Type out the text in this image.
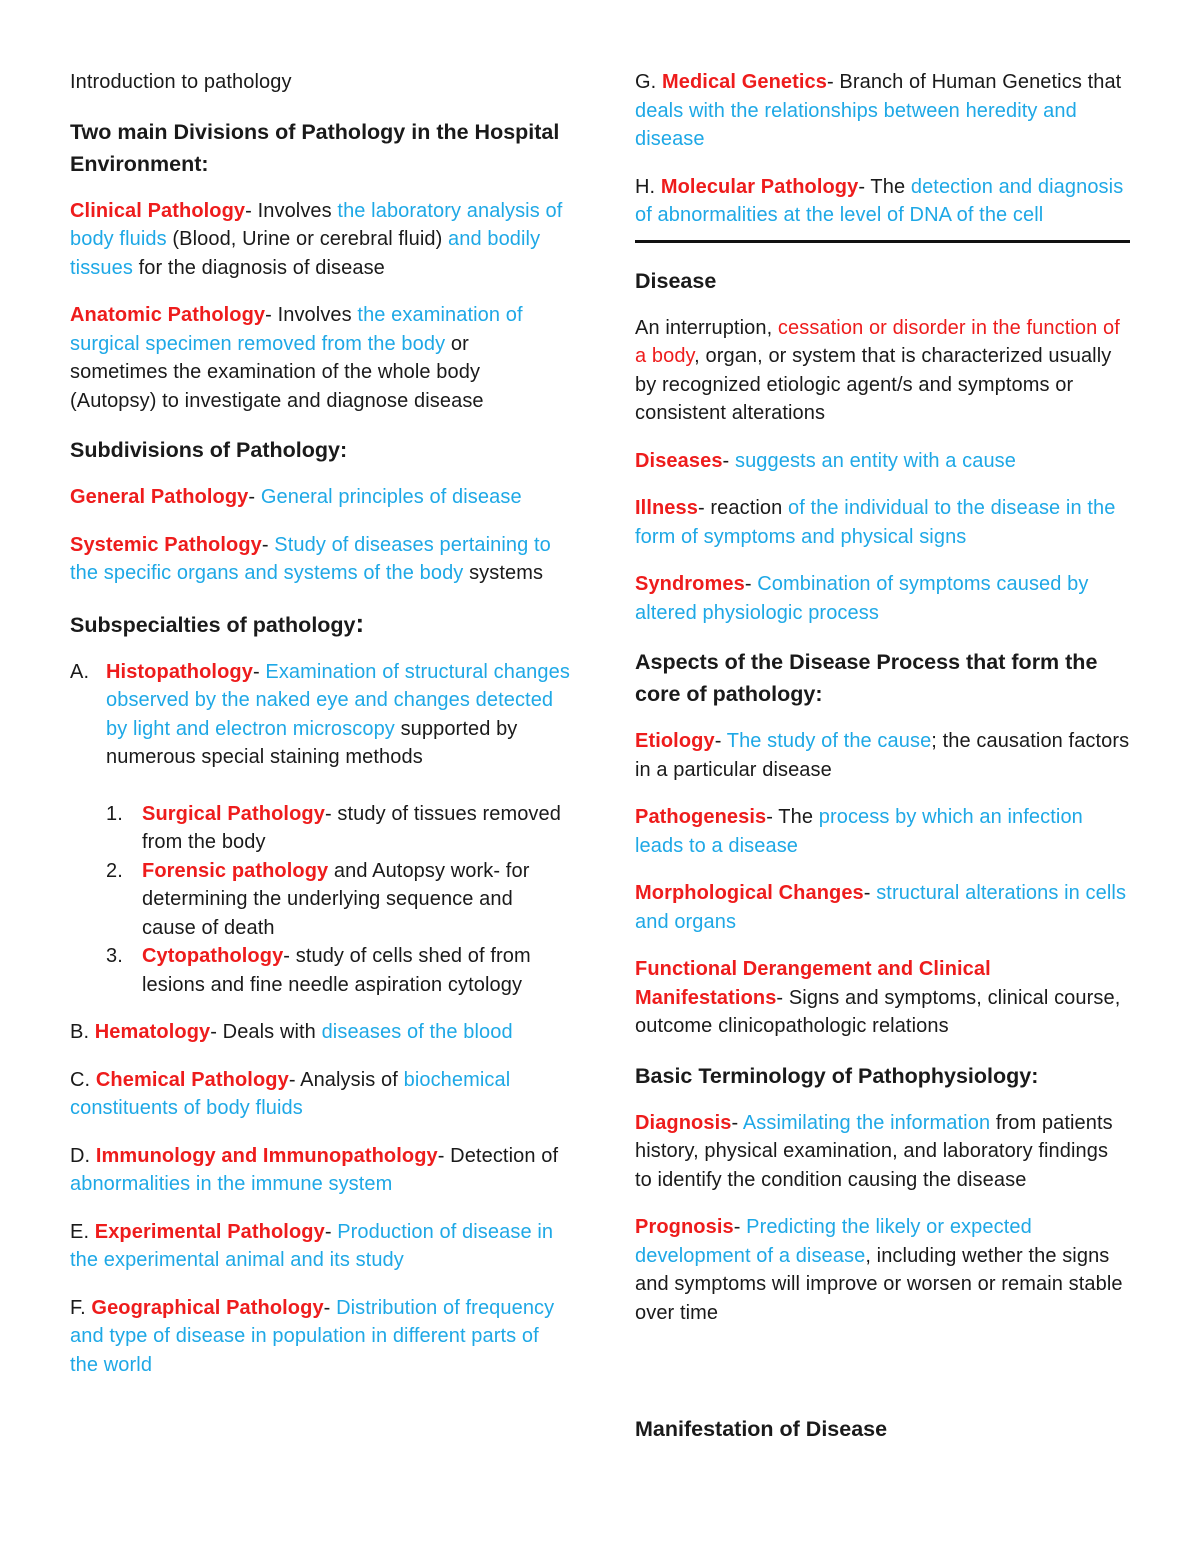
Introduction to pathology

Two main Divisions of Pathology in the Hospital Environment:

Clinical Pathology- Involves the laboratory analysis of body fluids (Blood, Urine or cerebral fluid) and bodily tissues for the diagnosis of disease

Anatomic Pathology- Involves the examination of surgical specimen removed from the body or sometimes the examination of the whole body (Autopsy) to investigate and diagnose disease

Subdivisions of Pathology:

General Pathology- General principles of disease

Systemic Pathology- Study of diseases pertaining to the specific organs and systems of the body systems

Subspecialties of pathology:

A. Histopathology- Examination of structural changes observed by the naked eye and changes detected by light and electron microscopy supported by numerous special staining methods
1. Surgical Pathology- study of tissues removed from the body
2. Forensic pathology and Autopsy work- for determining the underlying sequence and cause of death
3. Cytopathology- study of cells shed of from lesions and fine needle aspiration cytology

B. Hematology- Deals with diseases of the blood

C. Chemical Pathology- Analysis of biochemical constituents of body fluids

D. Immunology and Immunopathology- Detection of abnormalities in the immune system

E. Experimental Pathology- Production of disease in the experimental animal and its study

F. Geographical Pathology- Distribution of frequency and type of disease in population in different parts of the world

G. Medical Genetics- Branch of Human Genetics that deals with the relationships between heredity and disease

H. Molecular Pathology- The detection and diagnosis of abnormalities at the level of DNA of the cell

Disease

An interruption, cessation or disorder in the function of a body, organ, or system that is characterized usually by recognized etiologic agent/s and symptoms or consistent alterations

Diseases- suggests an entity with a cause

Illness- reaction of the individual to the disease in the form of symptoms and physical signs

Syndromes- Combination of symptoms caused by altered physiologic process

Aspects of the Disease Process that form the core of pathology:

Etiology- The study of the cause; the causation factors in a particular disease

Pathogenesis- The process by which an infection leads to a disease

Morphological Changes- structural alterations in cells and organs

Functional Derangement and Clinical Manifestations- Signs and symptoms, clinical course, outcome clinicopathologic relations

Basic Terminology of Pathophysiology:

Diagnosis- Assimilating the information from patients history, physical examination, and laboratory findings to identify the condition causing the disease

Prognosis- Predicting the likely or expected development of a disease, including wether the signs and symptoms will improve or worsen or remain stable over time

Manifestation of Disease
